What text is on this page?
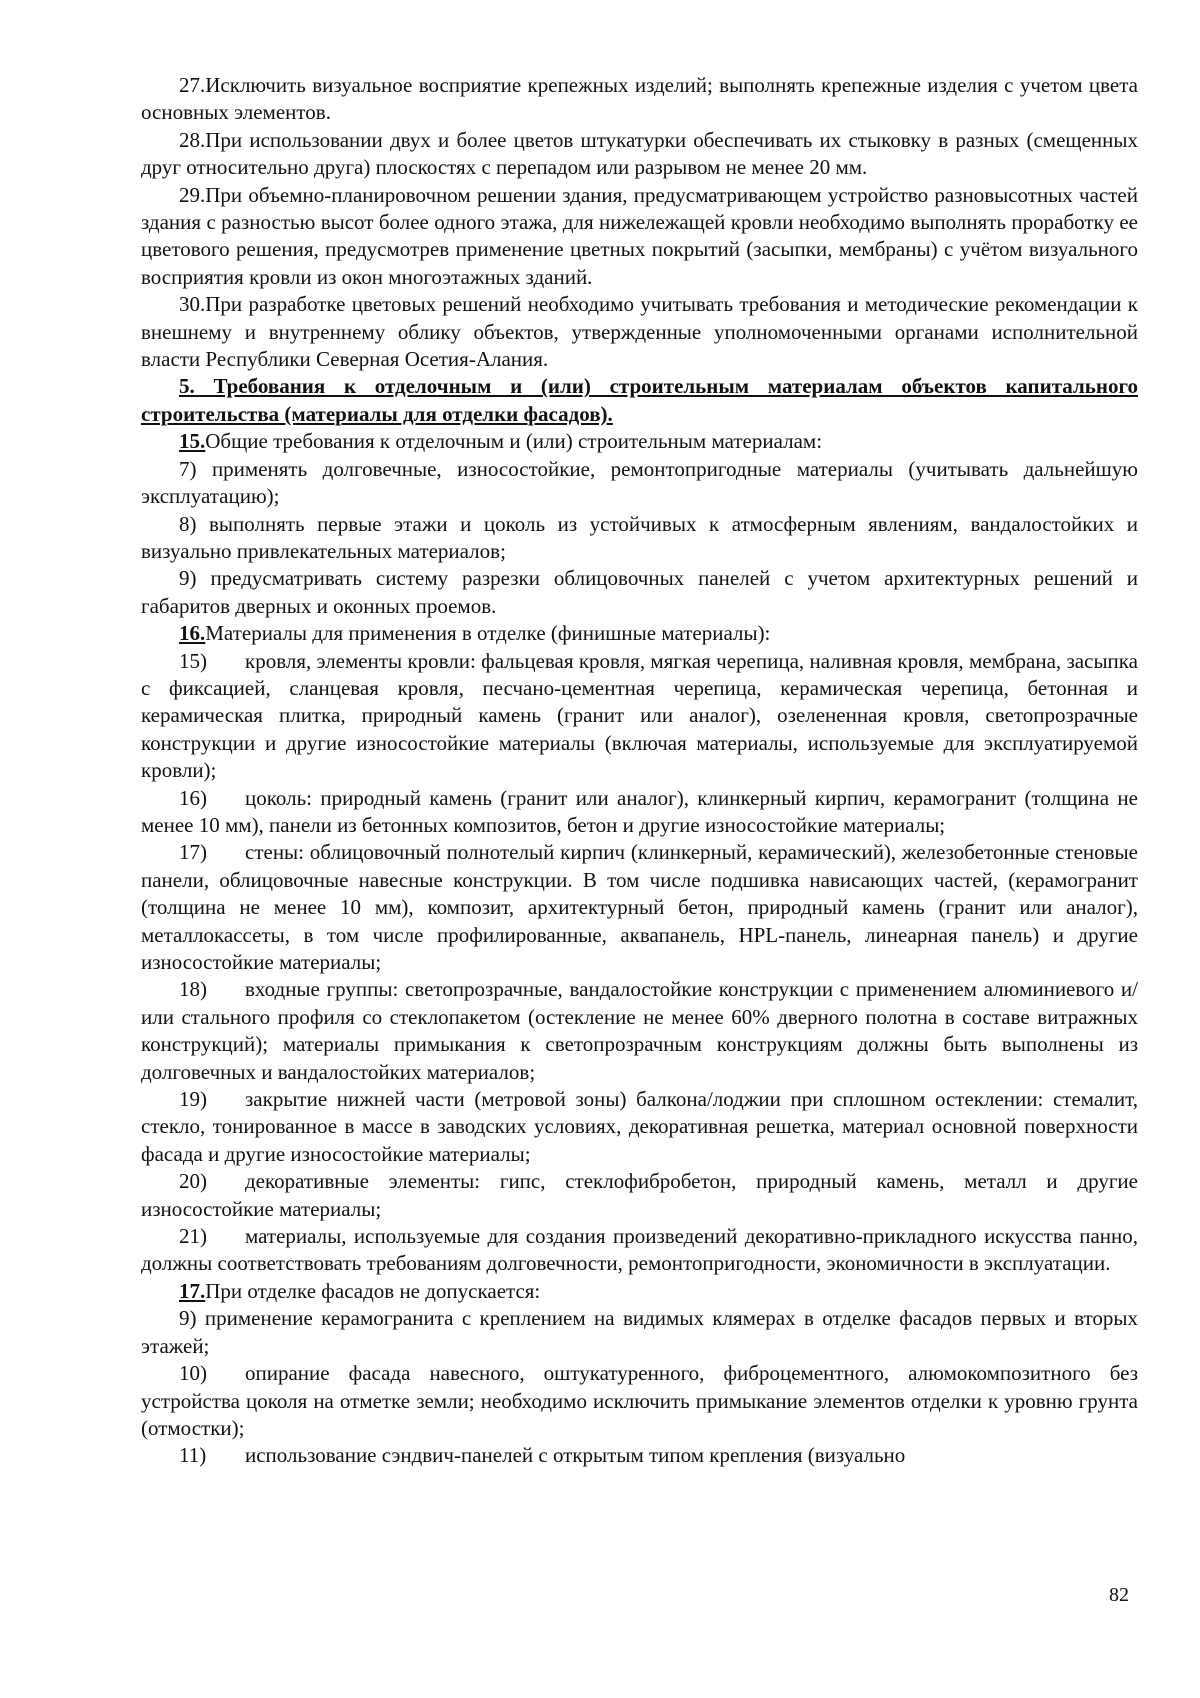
27.Исключить визуальное восприятие крепежных изделий; выполнять крепежные изделия с учетом цвета основных элементов.

28.При использовании двух и более цветов штукатурки обеспечивать их стыковку в разных (смещенных друг относительно друга) плоскостях с перепадом или разрывом не менее 20 мм.

29.При объемно-планировочном решении здания, предусматривающем устройство разновысотных частей здания с разностью высот более одного этажа, для нижележащей кровли необходимо выполнять проработку ее цветового решения, предусмотрев применение цветных покрытий (засыпки, мембраны) с учётом визуального восприятия кровли из окон многоэтажных зданий.

30.При разработке цветовых решений необходимо учитывать требования и методические рекомендации к внешнему и внутреннему облику объектов, утвержденные уполномоченными органами исполнительной власти Республики Северная Осетия-Алания.

5. Требования к отделочным и (или) строительным материалам объектов капитального строительства (материалы для отделки фасадов).

15.Общие требования к отделочным и (или) строительным материалам:

7) применять долговечные, износостойкие, ремонтопригодные материалы (учитывать дальнейшую эксплуатацию);

8) выполнять первые этажи и цоколь из устойчивых к атмосферным явлениям, вандалостойких и визуально привлекательных материалов;

9) предусматривать систему разрезки облицовочных панелей с учетом архитектурных решений и габаритов дверных и оконных проемов.

16.Материалы для применения в отделке (финишные материалы):

15) кровля, элементы кровли: фальцевая кровля, мягкая черепица, наливная кровля, мембрана, засыпка с фиксацией, сланцевая кровля, песчано-цементная черепица, керамическая черепица, бетонная и керамическая плитка, природный камень (гранит или аналог), озелененная кровля, светопрозрачные конструкции и другие износостойкие материалы (включая материалы, используемые для эксплуатируемой кровли);

16) цоколь: природный камень (гранит или аналог), клинкерный кирпич, керамогранит (толщина не менее 10 мм), панели из бетонных композитов, бетон и другие износостойкие материалы;

17) стены: облицовочный полнотелый кирпич (клинкерный, керамический), железобетонные стеновые панели, облицовочные навесные конструкции. В том числе подшивка нависающих частей, (керамогранит (толщина не менее 10 мм), композит, архитектурный бетон, природный камень (гранит или аналог), металлокассеты, в том числе профилированные, аквапанель, HPL-панель, линеарная панель) и другие износостойкие материалы;

18) входные группы: светопрозрачные, вандалостойкие конструкции с применением алюминиевого и/или стального профиля со стеклопакетом (остекление не менее 60% дверного полотна в составе витражных конструкций); материалы примыкания к светопрозрачным конструкциям должны быть выполнены из долговечных и вандалостойких материалов;

19) закрытие нижней части (метровой зоны) балкона/лоджии при сплошном остеклении: стемалит, стекло, тонированное в массе в заводских условиях, декоративная решетка, материал основной поверхности фасада и другие износостойкие материалы;

20) декоративные элементы: гипс, стеклофибробетон, природный камень, металл и другие износостойкие материалы;

21) материалы, используемые для создания произведений декоративно-прикладного искусства панно, должны соответствовать требованиям долговечности, ремонтопригодности, экономичности в эксплуатации.

17.При отделке фасадов не допускается:

9) применение керамогранита с креплением на видимых клямерах в отделке фасадов первых и вторых этажей;

10) опирание фасада навесного, оштукатуренного, фиброцементного, алюмокомпозитного без устройства цоколя на отметке земли; необходимо исключить примыкание элементов отделки к уровню грунта (отмостки);

11) использование сэндвич-панелей с открытым типом крепления (визуально

82
